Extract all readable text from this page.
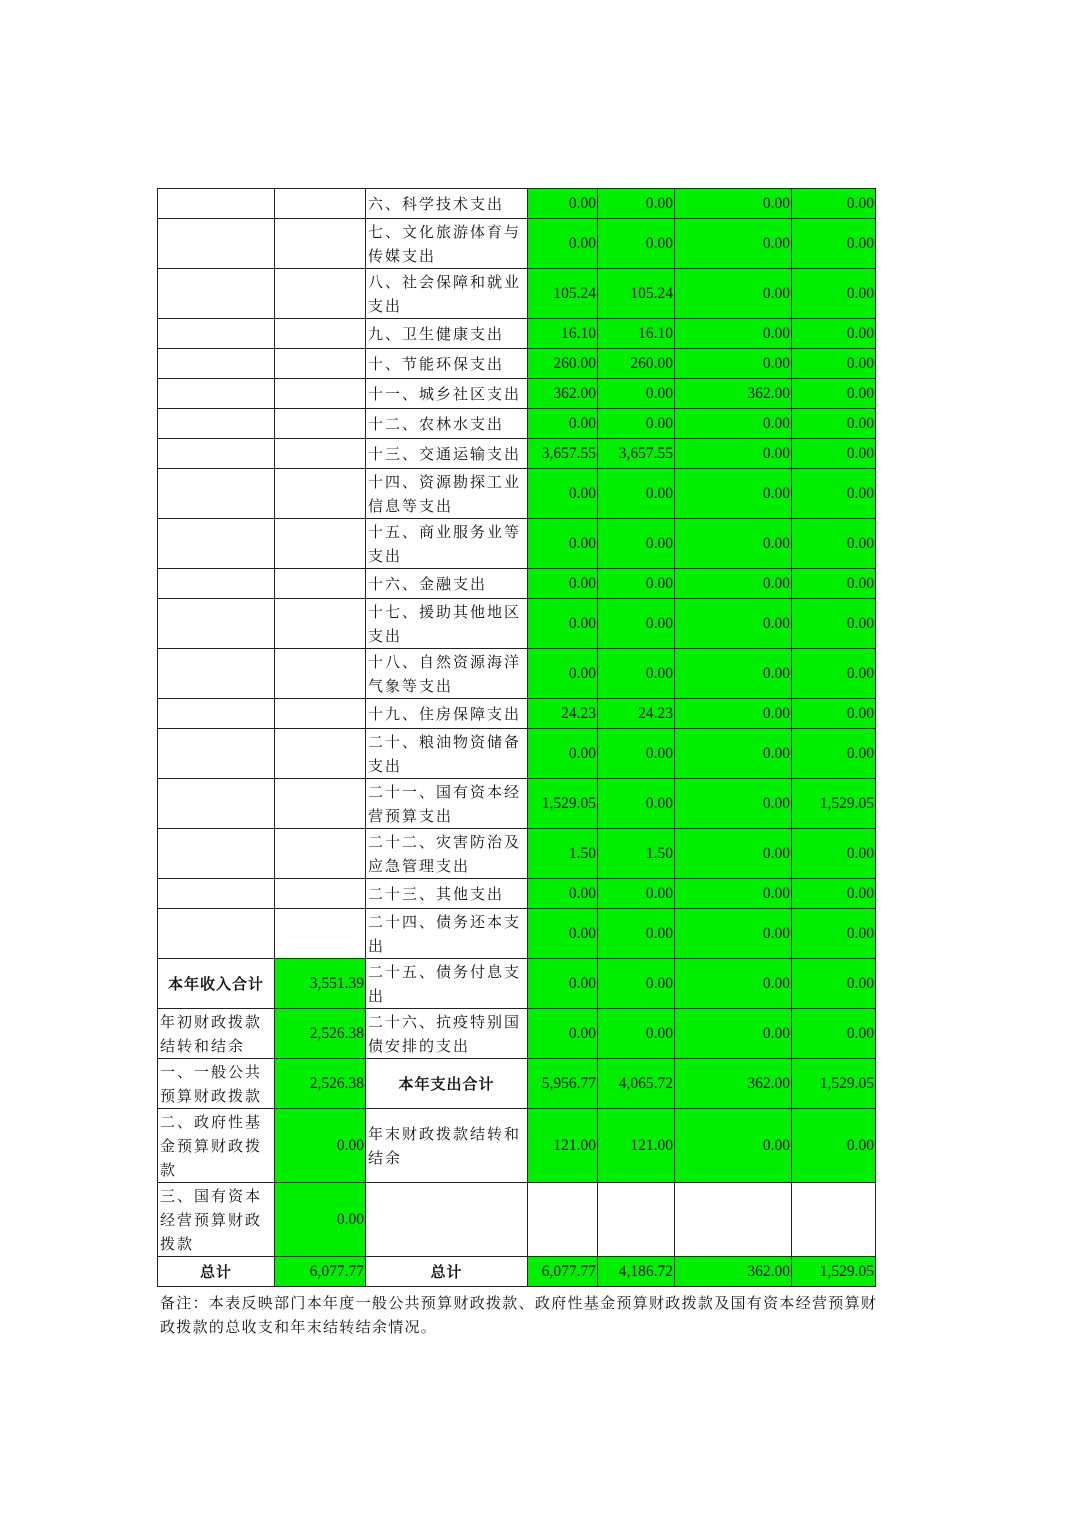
		六、科学技术支出	0.00	0.00	0.00	0.00
		七、文化旅游体育与传媒支出	0.00	0.00	0.00	0.00
		八、社会保障和就业支出	105.24	105.24	0.00	0.00
		九、卫生健康支出	16.10	16.10	0.00	0.00
		十、节能环保支出	260.00	260.00	0.00	0.00
		十一、城乡社区支出	362.00	0.00	362.00	0.00
		十二、农林水支出	0.00	0.00	0.00	0.00
		十三、交通运输支出	3,657.55	3,657.55	0.00	0.00
		十四、资源勘探工业信息等支出	0.00	0.00	0.00	0.00
		十五、商业服务业等支出	0.00	0.00	0.00	0.00
		十六、金融支出	0.00	0.00	0.00	0.00
		十七、援助其他地区支出	0.00	0.00	0.00	0.00
		十八、自然资源海洋气象等支出	0.00	0.00	0.00	0.00
		十九、住房保障支出	24.23	24.23	0.00	0.00
		二十、粮油物资储备支出	0.00	0.00	0.00	0.00
		二十一、国有资本经营预算支出	1,529.05	0.00	0.00	1,529.05
		二十二、灾害防治及应急管理支出	1.50	1.50	0.00	0.00
		二十三、其他支出	0.00	0.00	0.00	0.00
		二十四、债务还本支出	0.00	0.00	0.00	0.00
本年收入合计	3,551.39	二十五、债务付息支出	0.00	0.00	0.00	0.00
年初财政拨款结转和结余	2,526.38	二十六、抗疫特别国债安排的支出	0.00	0.00	0.00	0.00
一、一般公共预算财政拨款	2,526.38	本年支出合计	5,956.77	4,065.72	362.00	1,529.05
二、政府性基金预算财政拨款	0.00	年末财政拨款结转和结余	121.00	121.00	0.00	0.00
三、国有资本经营预算财政拨款	0.00					
总计	6,077.77	总计	6,077.77	4,186.72	362.00	1,529.05
备注：本表反映部门本年度一般公共预算财政拨款、政府性基金预算财政拨款及国有资本经营预算财政拨款的总收支和年末结转结余情况。
